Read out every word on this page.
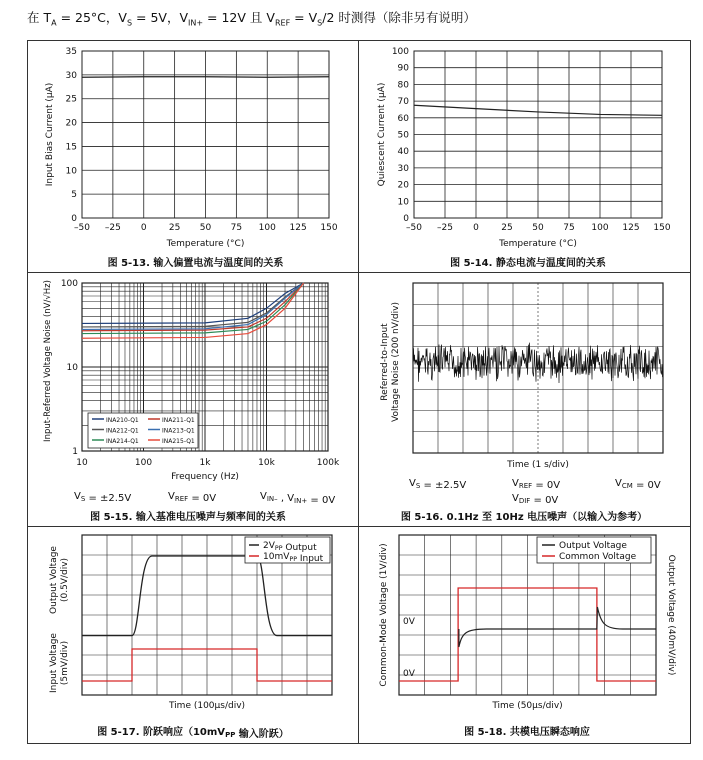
在 $T_A = 25^\circ C$，$V_S = 5V$，$V_{IN+} = 12V$ 且 $V_{REF} = V_S/2$ 时测得（除非另有说明）
–50 –25 0 25 50 75 100 125 150
0
5
10
15
20
25
30
35
Temperature (°C)
Input Bias Current (µA)
图 5-13. 输入偏置电流与温度间的关系
–50 –25 0 25 50 75 100 125 150
0
10
20
30
40
50
60
70
80
90
100
Temperature (°C)
Quiescent Current (µA)
图 5-14. 静态电流与温度间的关系
10	100	1k	10k	100k
1
10
100
INA210-Q1	INA211-Q1
INA212-Q1	INA213-Q1
INA214-Q1	INA215-Q1
Frequency (Hz)
Input-Referred Voltage Noise (nV/√Hz)
$V_S = \pm 2.5V$	$V_{REF} = 0V$	$V_{IN-}$ , $V_{IN+} = 0V$
图 5-15. 输入基准电压噪声与频率间的关系
Time (1 s/div)
Referred-to-Input Voltage Noise (200 nV/div)
$V_S = \pm 2.5V$	$V_{REF} = 0V$	$V_{CM} = 0V$
$V_{DIF} = 0V$
图 5-16. 0.1Hz 至 10Hz 电压噪声（以输入为参考）
$2V_{PP}$ Output
$10mV_{PP}$ Input
Time (100µs/div)
Output Voltage (0.5V/div)
Input Voltage (5mV/div)
图 5-17. 阶跃响应（$10mV_{PP}$ 输入阶跃）
0V
0V
Output Voltage
Common Voltage
Time (50µs/div)
Common-Mode Voltage (1V/div)	Output Voltage (40mV/div)
图 5-18. 共模电压瞬态响应
